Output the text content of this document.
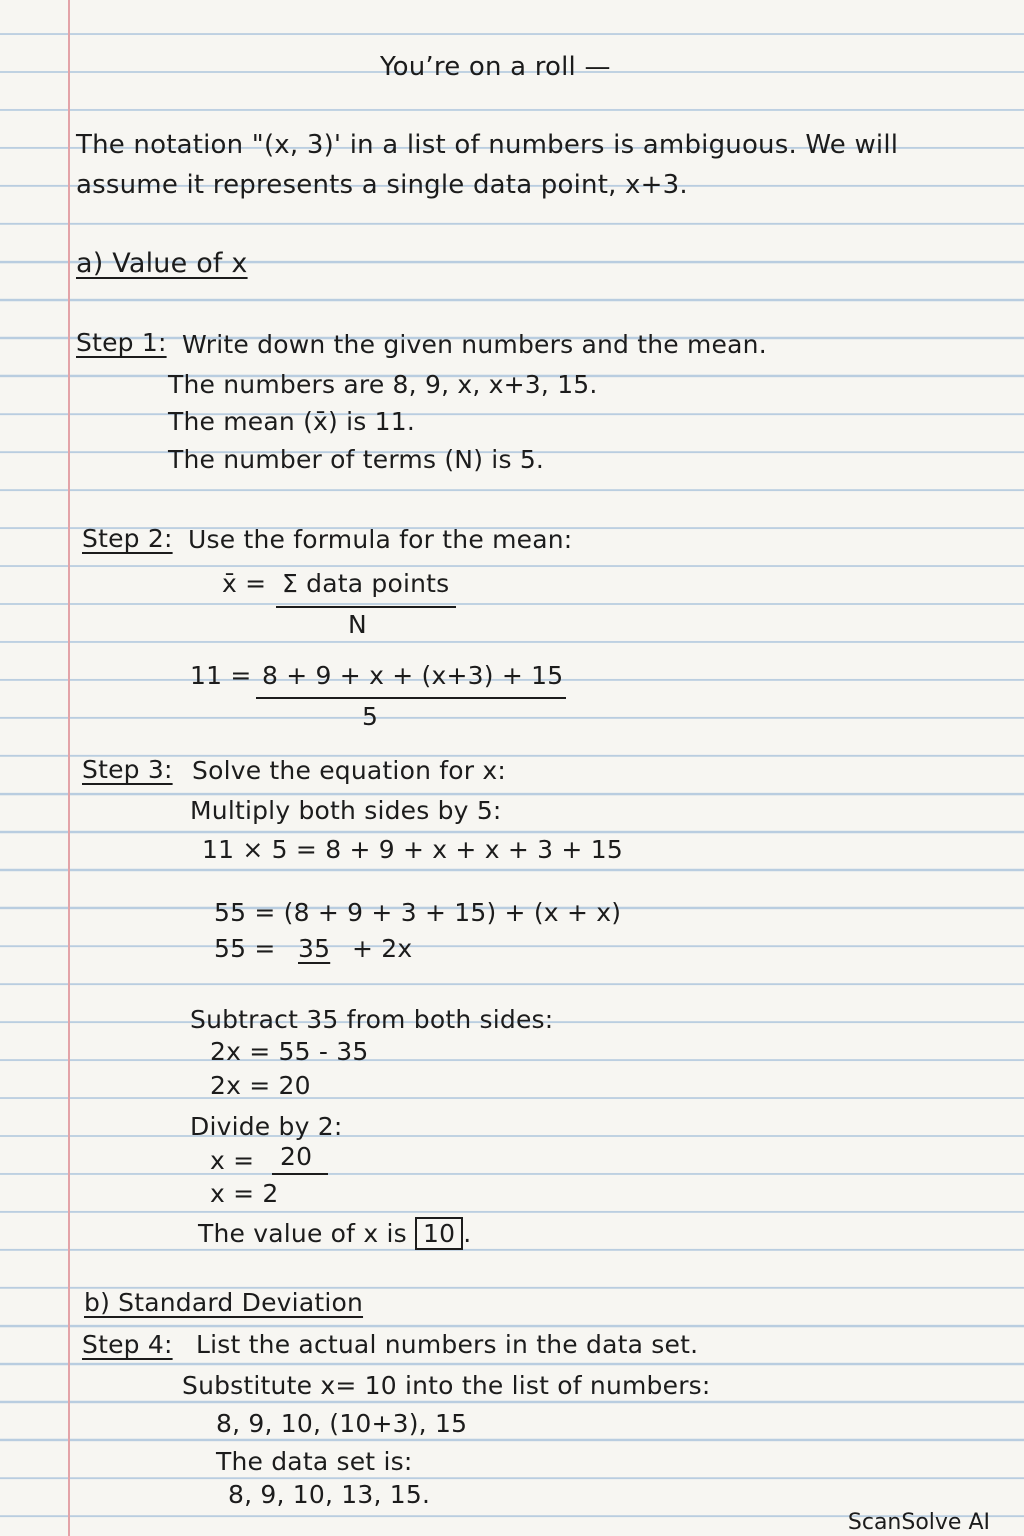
You’re on a roll —
The notation "(x, 3)' in a list of numbers is ambiguous. We will
assume it represents a single data point, x+3.
a) Value of x
Step 1: Write down the given numbers and the mean.
The numbers are 8, 9, x, x+3, 15.
The mean (x̄) is 11.
The number of terms (N) is 5.
Step 2: Use the formula for the mean:
x̄ = Σ data points
N
11 = 8 + 9 + x + (x+3) + 15
5
Step 3: Solve the equation for x:
Multiply both sides by 5:
11 × 5 = 8 + 9 + x + x + 3 + 15
55 = (8 + 9 + 3 + 15) + (x + x)
55 = 35 + 2x
Subtract 35 from both sides:
2x = 55 - 35
2x = 20
Divide by 2:
x = 20
x = 2
The value of x is 10 .
b) Standard Deviation
Step 4: List the actual numbers in the data set.
Substitute x= 10 into the list of numbers:
8, 9, 10, (10+3), 15
The data set is:
8, 9, 10, 13, 15.
ScanSolve AI
